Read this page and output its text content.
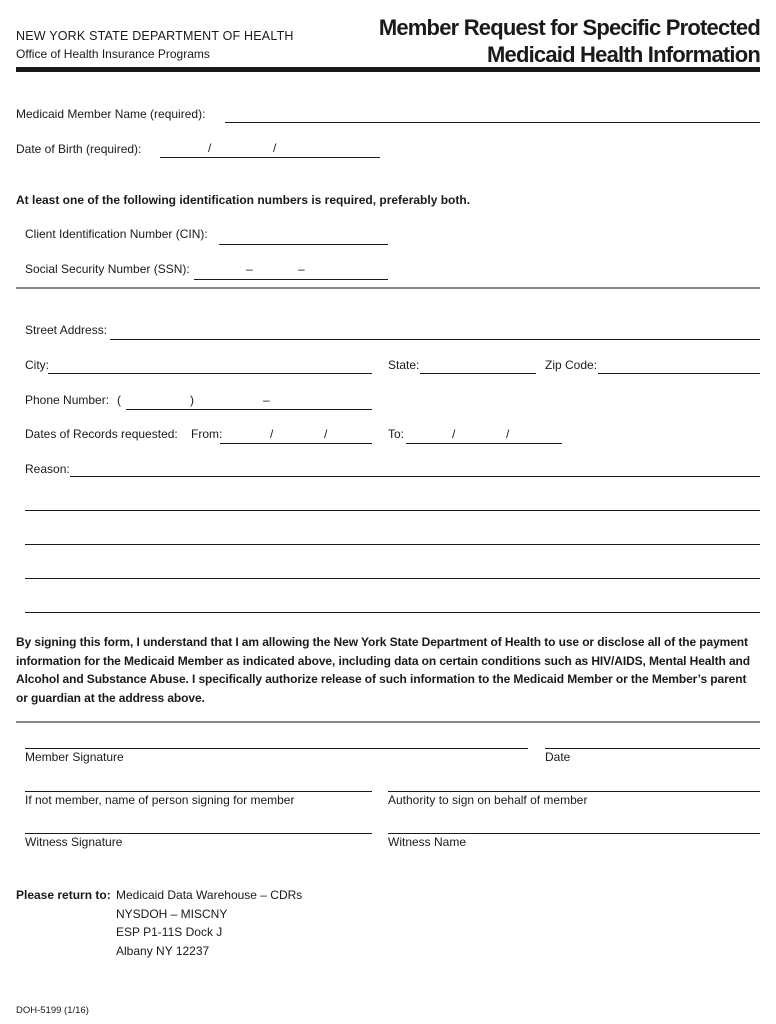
NEW YORK STATE DEPARTMENT OF HEALTH
Office of Health Insurance Programs
Member Request for Specific Protected
Medicaid Health Information
Medicaid Member Name (required):
Date of Birth (required):	/	/
At least one of the following identification numbers is required, preferably both.
Client Identification Number (CIN):
Social Security Number (SSN):	–	–
Street Address:
City:	State:	Zip Code:
Phone Number: (	)	–
Dates of Records requested: From:	/	/	To:	/	/
Reason:
By signing this form, I understand that I am allowing the New York State Department of Health to use or disclose all of the payment
information for the Medicaid Member as indicated above, including data on certain conditions such as HIV/AIDS, Mental Health and
Alcohol and Substance Abuse. I specifically authorize release of such information to the Medicaid Member or the Member’s parent
or guardian at the address above.
Member Signature	Date
If not member, name of person signing for member	Authority to sign on behalf of member
Witness Signature	Witness Name
Please return to: Medicaid Data Warehouse – CDRs
NYSDOH – MISCNY
ESP P1-11S Dock J
Albany NY 12237
DOH-5199 (1/16)
